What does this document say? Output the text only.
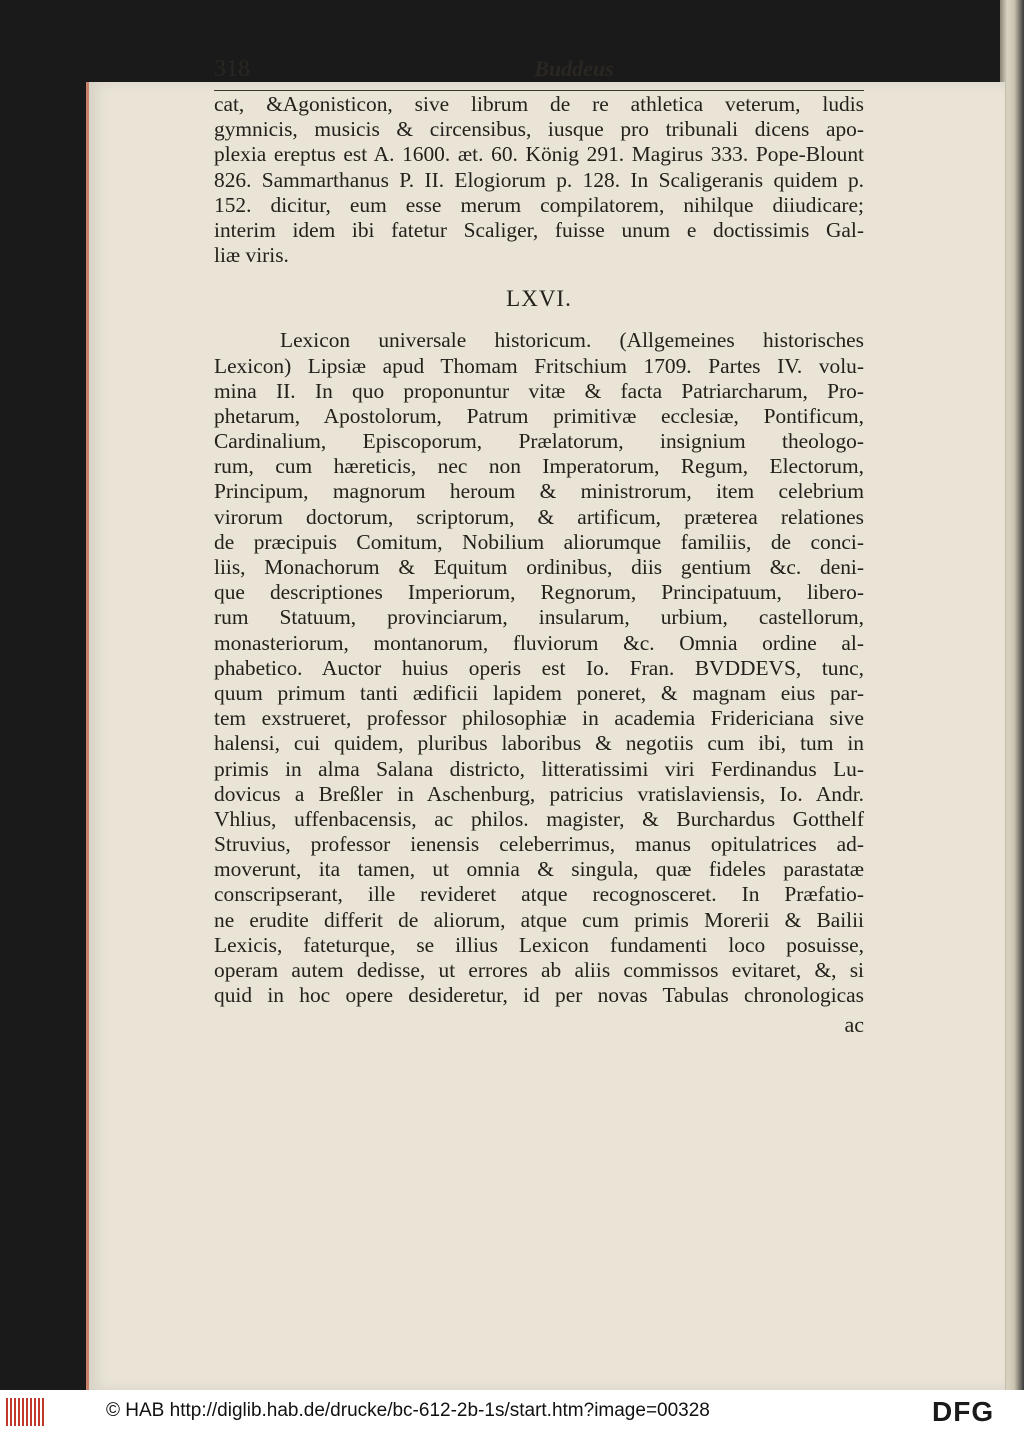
318	Buddeus
cat, &Agonisticon, sive librum de re athletica veterum, ludis
gymnicis, musicis & circensibus, iusque pro tribunali dicens apo-
plexia ereptus est A. 1600. æt. 60. König 291. Magirus 333. Pope-Blount
826. Sammarthanus P. II. Elogiorum p. 128. In Scaligeranis quidem p.
152. dicitur, eum esse merum compilatorem, nihilque diiudicare;
interim idem ibi fatetur Scaliger, fuisse unum e doctissimis Gal-
liæ viris.
LXVI.
Lexicon universale historicum. (Allgemeines historisches
Lexicon) Lipsiæ apud Thomam Fritschium 1709. Partes IV. volu-
mina II. In quo proponuntur vitæ & facta Patriarcharum, Pro-
phetarum, Apostolorum, Patrum primitivæ ecclesiæ, Pontificum,
Cardinalium, Episcoporum, Prælatorum, insignium theologo-
rum, cum hæreticis, nec non Imperatorum, Regum, Electorum,
Principum, magnorum heroum & ministrorum, item celebrium
virorum doctorum, scriptorum, & artificum, præterea relationes
de præcipuis Comitum, Nobilium aliorumque familiis, de conci-
liis, Monachorum & Equitum ordinibus, diis gentium &c. deni-
que descriptiones Imperiorum, Regnorum, Principatuum, libero-
rum Statuum, provinciarum, insularum, urbium, castellorum,
monasteriorum, montanorum, fluviorum &c. Omnia ordine al-
phabetico. Auctor huius operis est Io. Fran. BVDDEVS, tunc,
quum primum tanti ædificii lapidem poneret, & magnam eius par-
tem exstrueret, professor philosophiæ in academia Fridericiana sive
halensi, cui quidem, pluribus laboribus & negotiis cum ibi, tum in
primis in alma Salana districto, litteratissimi viri Ferdinandus Lu-
dovicus a Breßler in Aschenburg, patricius vratislaviensis, Io. Andr.
Vhlius, uffenbacensis, ac philos. magister, & Burchardus Gotthelf
Struvius, professor ienensis celeberrimus, manus opitulatrices ad-
moverunt, ita tamen, ut omnia & singula, quæ fideles parastatæ
conscripserant, ille revideret atque recognosceret. In Præfatio-
ne erudite differit de aliorum, atque cum primis Morerii & Bailii
Lexicis, fateturque, se illius Lexicon fundamenti loco posuisse,
operam autem dedisse, ut errores ab aliis commissos evitaret, &, si
quid in hoc opere desideretur, id per novas Tabulas chronologicas
ac
© HAB http://diglib.hab.de/drucke/bc-612-2b-1s/start.htm?image=00328	DFG
